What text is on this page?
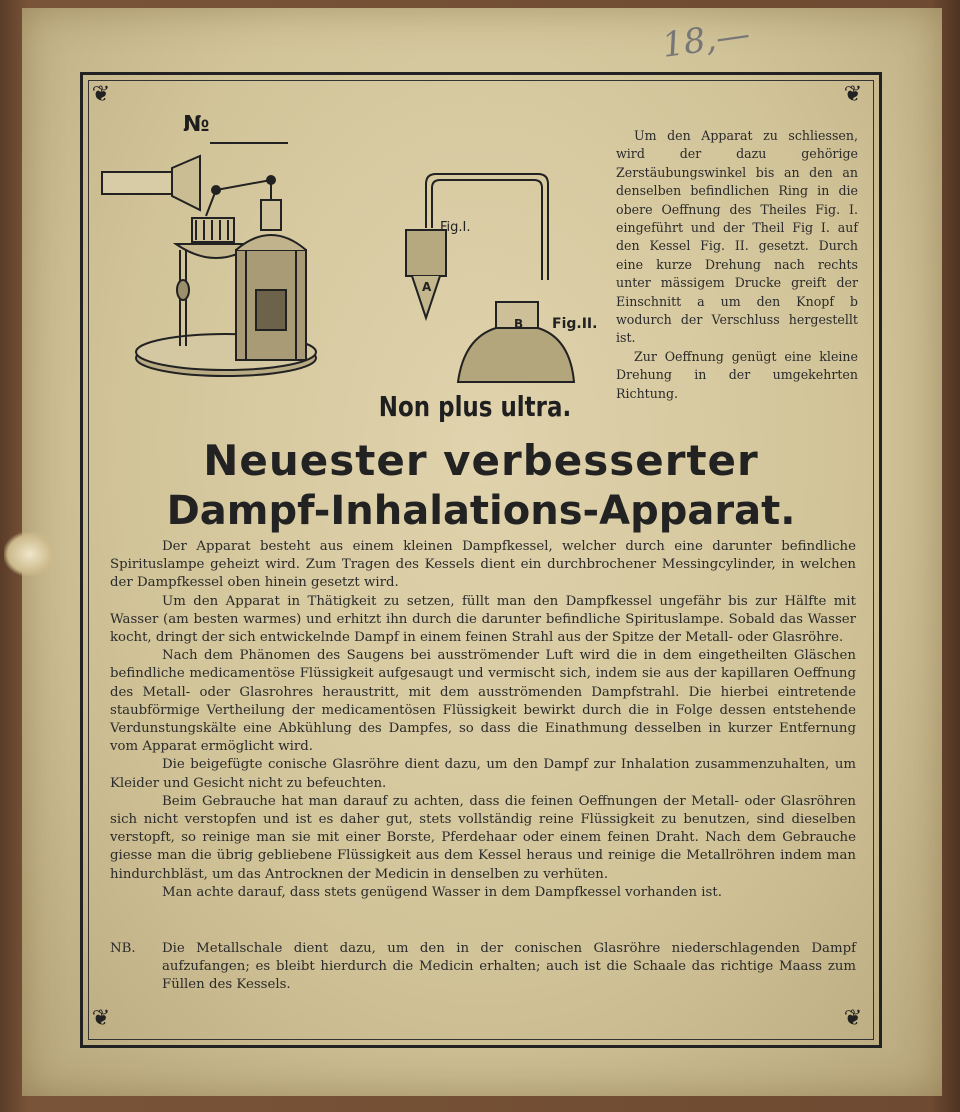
18,—
❦	❦
❦	❦
№
Fig.I.
A
B Fig.II.
Non plus ultra.

Um den Apparat zu schliessen, wird der dazu gehörige Zerstäubungswinkel bis an den an denselben befindlichen Ring in die obere Oeffnung des Theiles Fig. I. eingeführt und der Theil Fig I. auf den Kessel Fig. II. gesetzt. Durch eine kurze Drehung nach rechts unter mässigem Drucke greift der Einschnitt a um den Knopf b wodurch der Verschluss hergestellt ist.

Zur Oeffnung genügt eine kleine Drehung in der umgekehrten Richtung.

Neuester verbesserter
Dampf-Inhalations-Apparat.

Der Apparat besteht aus einem kleinen Dampfkessel, welcher durch eine darunter befindliche Spirituslampe geheizt wird. Zum Tragen des Kessels dient ein durchbrochener Messingcylinder, in welchen der Dampfkessel oben hinein gesetzt wird.

Um den Apparat in Thätigkeit zu setzen, füllt man den Dampfkessel ungefähr bis zur Hälfte mit Wasser (am besten warmes) und erhitzt ihn durch die darunter befindliche Spirituslampe. Sobald das Wasser kocht, dringt der sich entwickelnde Dampf in einem feinen Strahl aus der Spitze der Metall- oder Glasröhre.

Nach dem Phänomen des Saugens bei ausströmender Luft wird die in dem eingetheilten Gläschen befindliche medicamentöse Flüssigkeit aufgesaugt und vermischt sich, indem sie aus der kapillaren Oeffnung des Metall- oder Glasrohres heraustritt, mit dem ausströmenden Dampfstrahl. Die hierbei eintretende staubförmige Vertheilung der medicamentösen Flüssigkeit bewirkt durch die in Folge dessen entstehende Verdunstungskälte eine Abkühlung des Dampfes, so dass die Einathmung desselben in kurzer Entfernung vom Apparat ermöglicht wird.

Die beigefügte conische Glasröhre dient dazu, um den Dampf zur Inhalation zusammenzuhalten, um Kleider und Gesicht nicht zu befeuchten.

Beim Gebrauche hat man darauf zu achten, dass die feinen Oeffnungen der Metall- oder Glasröhren sich nicht verstopfen und ist es daher gut, stets vollständig reine Flüssigkeit zu benutzen, sind dieselben verstopft, so reinige man sie mit einer Borste, Pferdehaar oder einem feinen Draht. Nach dem Gebrauche giesse man die übrig gebliebene Flüssigkeit aus dem Kessel heraus und reinige die Metallröhren indem man hindurchbläst, um das Antrocknen der Medicin in denselben zu verhüten.

Man achte darauf, dass stets genügend Wasser in dem Dampfkessel vorhanden ist.

NB.	Die Metallschale dient dazu, um den in der conischen Glasröhre niederschlagenden Dampf aufzufangen; es bleibt hierdurch die Medicin erhalten; auch ist die Schaale das richtige Maass zum Füllen des Kessels.
